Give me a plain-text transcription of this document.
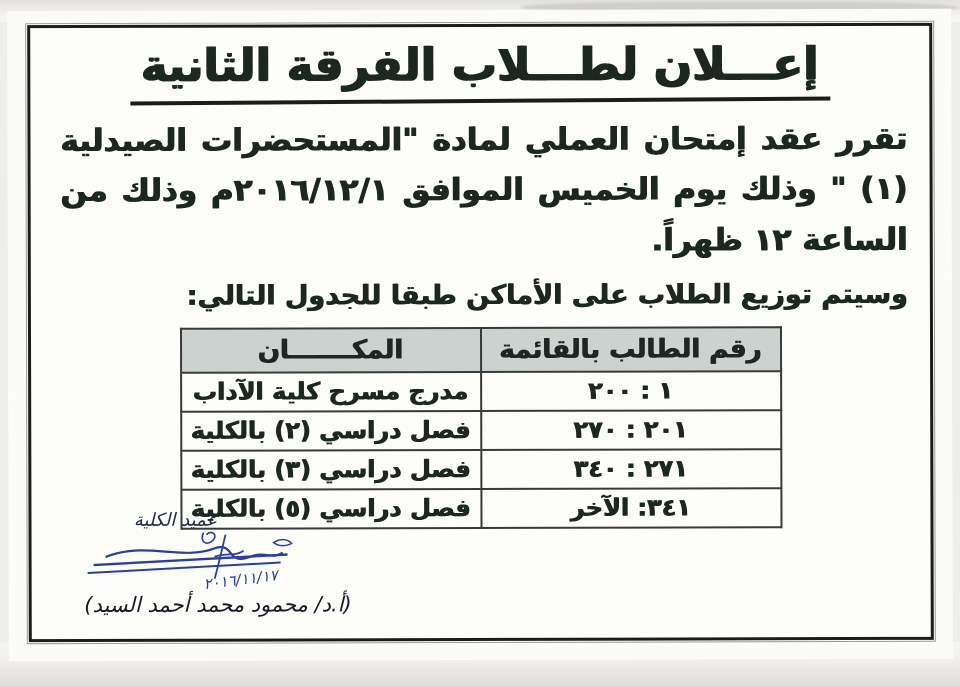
إعـــلان لطـــلاب الفرقة الثانية
تقرر عقد إمتحان العملي لمادة "المستحضرات الصيدلية (١) " وذلك يوم الخميس الموافق ٢٠١٦/١٢/١م وذلك من الساعة ١٢ ظهراً.
وسيتم توزيع الطلاب على الأماكن طبقا للجدول التالي:
رقم الطالب بالقائمة	المكـــــــان
١ : ٢٠٠	مدرج مسرح كلية الآداب
٢٠١ : ٢٧٠	فصل دراسي (٢) بالكلية
٢٧١ : ٣٤٠	فصل دراسي (٣) بالكلية
٣٤١: الآخر	فصل دراسي (٥) بالكلية
عميد الكلية
٢٠١٦/١١/١٧
(أ.د/ محمود محمد أحمد السيد)
